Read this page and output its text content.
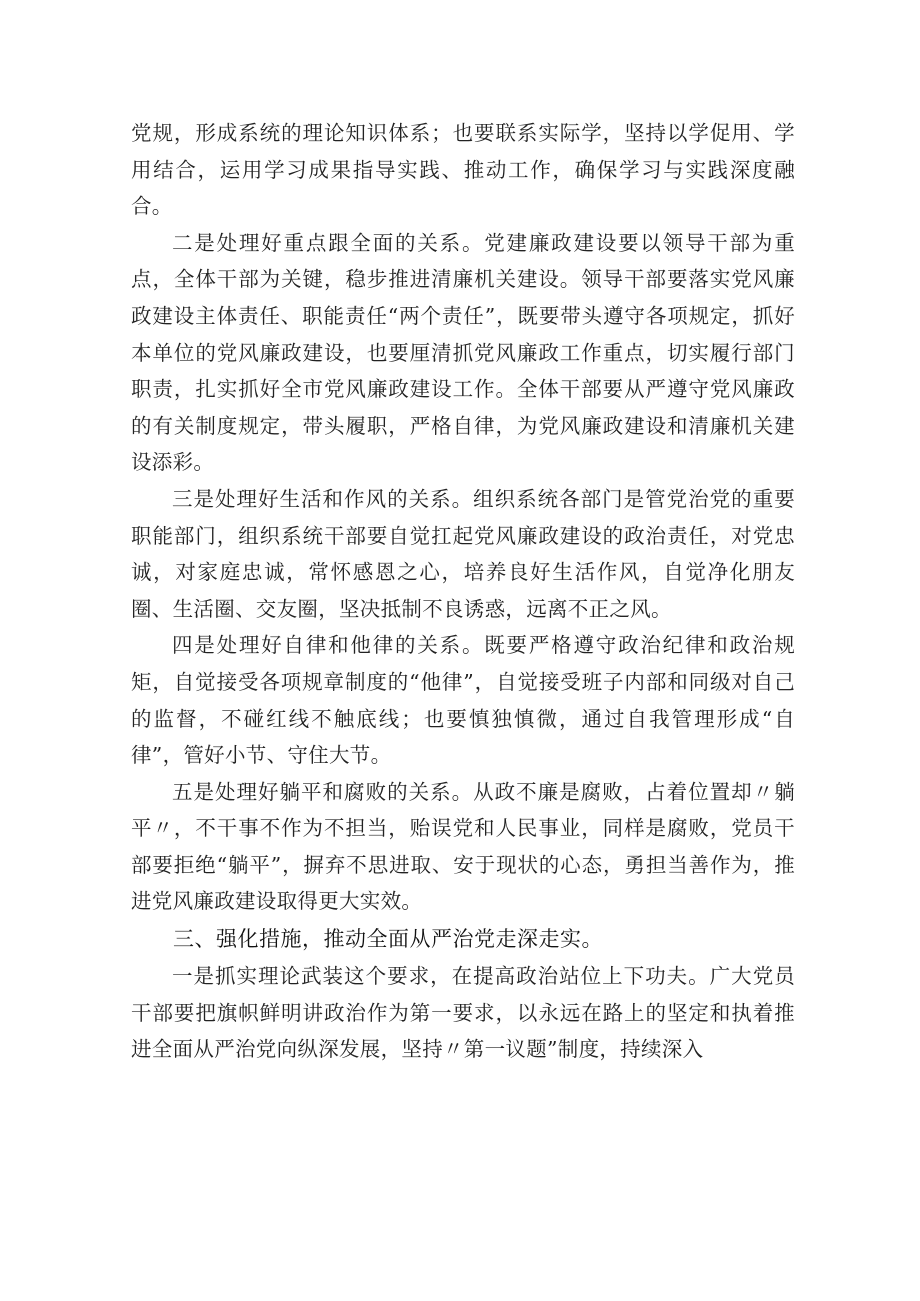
党规，形成系统的理论知识体系；也要联系实际学，坚持以学促用、学用结合，运用学习成果指导实践、推动工作，确保学习与实践深度融合。

二是处理好重点跟全面的关系。党建廉政建设要以领导干部为重点，全体干部为关键，稳步推进清廉机关建设。领导干部要落实党风廉政建设主体责任、职能责任“两个责任”，既要带头遵守各项规定，抓好本单位的党风廉政建设，也要厘清抓党风廉政工作重点，切实履行部门职责，扎实抓好全市党风廉政建设工作。全体干部要从严遵守党风廉政的有关制度规定，带头履职，严格自律，为党风廉政建设和清廉机关建设添彩。

三是处理好生活和作风的关系。组织系统各部门是管党治党的重要职能部门，组织系统干部要自觉扛起党风廉政建设的政治责任，对党忠诚，对家庭忠诚，常怀感恩之心，培养良好生活作风，自觉净化朋友圈、生活圈、交友圈，坚决抵制不良诱惑，远离不正之风。

四是处理好自律和他律的关系。既要严格遵守政治纪律和政治规矩，自觉接受各项规章制度的“他律”，自觉接受班子内部和同级对自己的监督，不碰红线不触底线；也要慎独慎微，通过自我管理形成“自律”，管好小节、守住大节。

五是处理好躺平和腐败的关系。从政不廉是腐败，占着位置却〃躺平〃，不干事不作为不担当，贻误党和人民事业，同样是腐败，党员干部要拒绝“躺平”，摒弃不思进取、安于现状的心态，勇担当善作为，推进党风廉政建设取得更大实效。

三、强化措施，推动全面从严治党走深走实。

一是抓实理论武装这个要求，在提高政治站位上下功夫。广大党员干部要把旗帜鲜明讲政治作为第一要求，以永远在路上的坚定和执着推进全面从严治党向纵深发展，坚持〃第一议题”制度，持续深入
